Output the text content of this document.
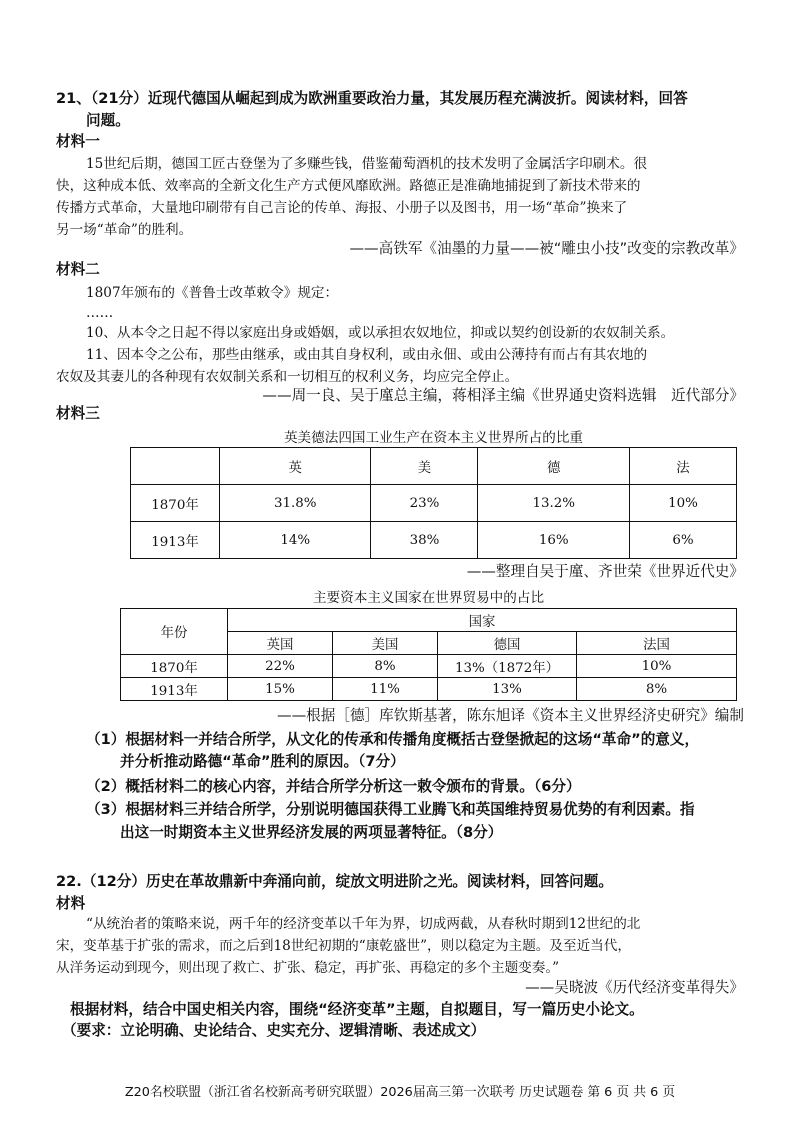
21、（21分）近现代德国从崛起到成为欧洲重要政治力量，其发展历程充满波折。阅读材料，回答
问题。
材料一
15世纪后期，德国工匠古登堡为了多赚些钱，借鉴葡萄酒机的技术发明了金属活字印刷术。很
快，这种成本低、效率高的全新文化生产方式便风靡欧洲。路德正是准确地捕捉到了新技术带来的
传播方式革命，大量地印刷带有自己言论的传单、海报、小册子以及图书，用一场“革命”换来了
另一场“革命”的胜利。
——高铁军《油墨的力量——被“雕虫小技”改变的宗教改革》
材料二
1807年颁布的《普鲁士改革敕令》规定：
……
10、从本令之日起不得以家庭出身或婚姻，或以承担农奴地位，抑或以契约创设新的农奴制关系。
11、因本令之公布，那些由继承，或由其自身权利，或由永佃、或由公薄持有而占有其农地的
农奴及其妻儿的各种现有农奴制关系和一切相互的权利义务，均应完全停止。
——周一良、吴于廑总主编，蒋相泽主编《世界通史资料选辑　近代部分》
材料三
英美德法四国工业生产在资本主义世界所占的比重
	英	美	德	法
1870年	31.8%	23%	13.2%	10%
1913年	14%	38%	16%	6%
——整理自吴于廑、齐世荣《世界近代史》
主要资本主义国家在世界贸易中的占比
年份	国家			
	英国	美国	德国	法国
1870年	22%	8%	13%（1872年）	10%
1913年	15%	11%	13%	8%
——根据［德］库钦斯基著，陈东旭译《资本主义世界经济史研究》编制
（1）根据材料一并结合所学，从文化的传承和传播角度概括古登堡掀起的这场“革命”的意义，
并分析推动路德“革命”胜利的原因。（7分）
（2）概括材料二的核心内容，并结合所学分析这一敕令颁布的背景。（6分）
（3）根据材料三并结合所学，分别说明德国获得工业腾飞和英国维持贸易优势的有利因素。指
出这一时期资本主义世界经济发展的两项显著特征。（8分）
22.（12分）历史在革故鼎新中奔涌向前，绽放文明进阶之光。阅读材料，回答问题。
材料
“从统治者的策略来说，两千年的经济变革以千年为界，切成两截，从春秋时期到12世纪的北
宋，变革基于扩张的需求，而之后到18世纪初期的“康乾盛世”，则以稳定为主题。及至近当代，
从洋务运动到现今，则出现了救亡、扩张、稳定，再扩张、再稳定的多个主题变奏。”
——吴晓波《历代经济变革得失》
根据材料，结合中国史相关内容，围绕“经济变革”主题，自拟题目，写一篇历史小论文。
（要求：立论明确、史论结合、史实充分、逻辑清晰、表述成文）
Z20名校联盟（浙江省名校新高考研究联盟）2026届高三第一次联考 历史试题卷 第 6 页 共 6 页
